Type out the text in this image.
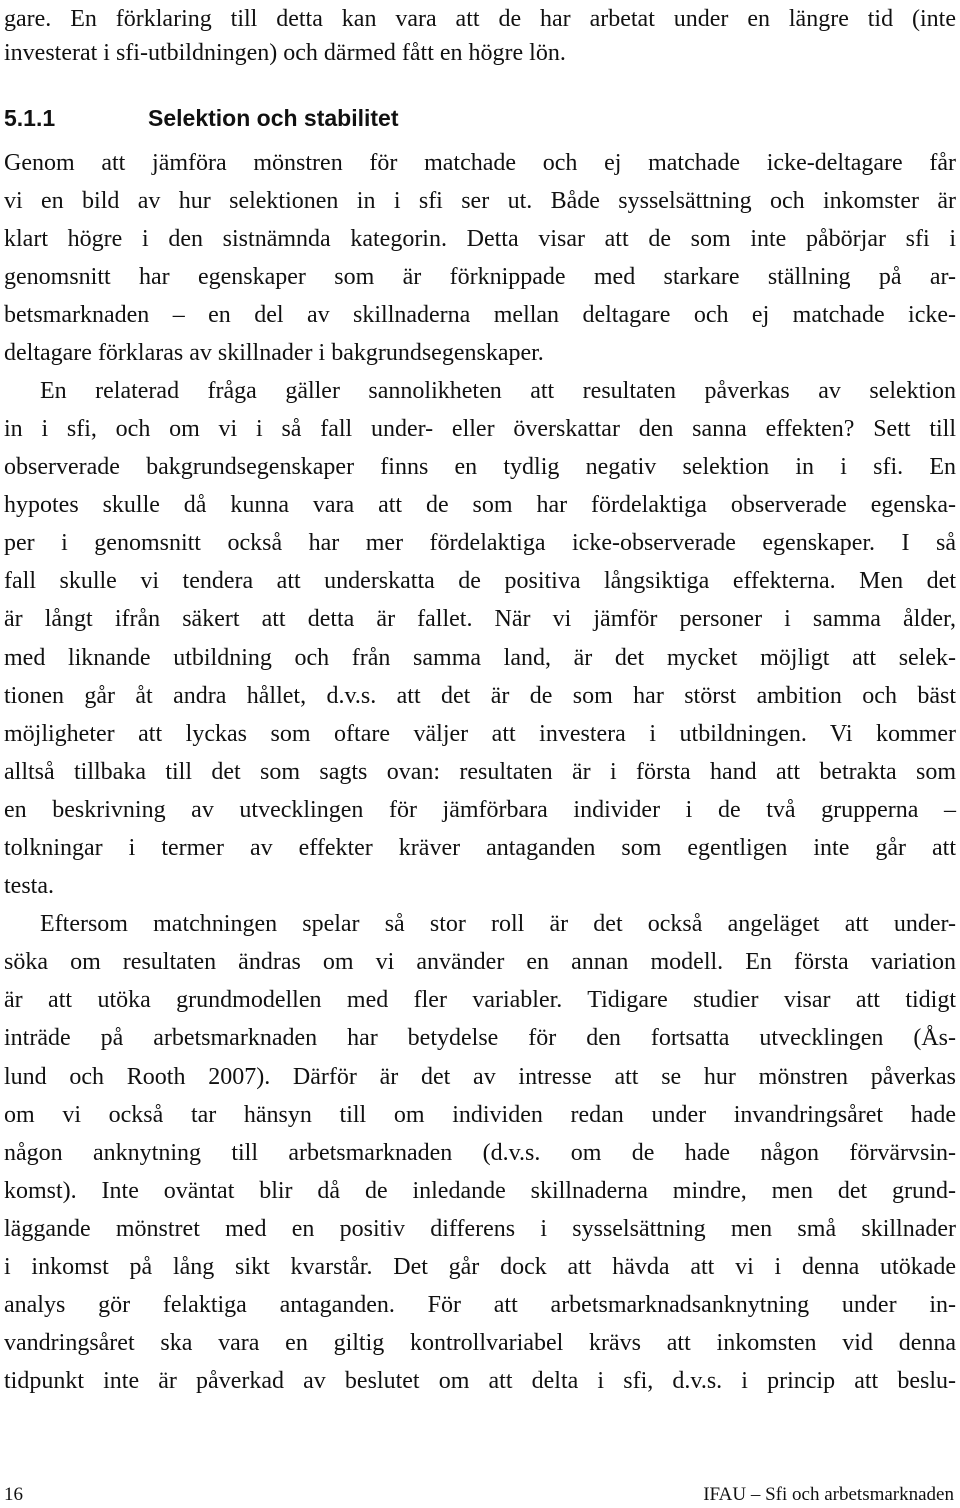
gare. En förklaring till detta kan vara att de har arbetat under en längre tid (inte
investerat i sfi-utbildningen) och därmed fått en högre lön.
5.1.1	Selektion och stabilitet
Genom att jämföra mönstren för matchade och ej matchade icke-deltagare får
vi en bild av hur selektionen in i sfi ser ut. Både sysselsättning och inkomster är
klart högre i den sistnämnda kategorin. Detta visar att de som inte påbörjar sfi i
genomsnitt har egenskaper som är förknippade med starkare ställning på ar-
betsmarknaden – en del av skillnaderna mellan deltagare och ej matchade icke-
deltagare förklaras av skillnader i bakgrundsegenskaper.
En relaterad fråga gäller sannolikheten att resultaten påverkas av selektion
in i sfi, och om vi i så fall under- eller överskattar den sanna effekten? Sett till
observerade bakgrundsegenskaper finns en tydlig negativ selektion in i sfi. En
hypotes skulle då kunna vara att de som har fördelaktiga observerade egenska-
per i genomsnitt också har mer fördelaktiga icke-observerade egenskaper. I så
fall skulle vi tendera att underskatta de positiva långsiktiga effekterna. Men det
är långt ifrån säkert att detta är fallet. När vi jämför personer i samma ålder,
med liknande utbildning och från samma land, är det mycket möjligt att selek-
tionen går åt andra hållet, d.v.s. att det är de som har störst ambition och bäst
möjligheter att lyckas som oftare väljer att investera i utbildningen. Vi kommer
alltså tillbaka till det som sagts ovan: resultaten är i första hand att betrakta som
en beskrivning av utvecklingen för jämförbara individer i de två grupperna –
tolkningar i termer av effekter kräver antaganden som egentligen inte går att
testa.
Eftersom matchningen spelar så stor roll är det också angeläget att under-
söka om resultaten ändras om vi använder en annan modell. En första variation
är att utöka grundmodellen med fler variabler. Tidigare studier visar att tidigt
inträde på arbetsmarknaden har betydelse för den fortsatta utvecklingen (Ås-
lund och Rooth 2007). Därför är det av intresse att se hur mönstren påverkas
om vi också tar hänsyn till om individen redan under invandringsåret hade
någon anknytning till arbetsmarknaden (d.v.s. om de hade någon förvärvsin-
komst). Inte oväntat blir då de inledande skillnaderna mindre, men det grund-
läggande mönstret med en positiv differens i sysselsättning men små skillnader
i inkomst på lång sikt kvarstår. Det går dock att hävda att vi i denna utökade
analys gör felaktiga antaganden. För att arbetsmarknadsanknytning under in-
vandringsåret ska vara en giltig kontrollvariabel krävs att inkomsten vid denna
tidpunkt inte är påverkad av beslutet om att delta i sfi, d.v.s. i princip att beslu-
16	IFAU – Sfi och arbetsmarknaden
